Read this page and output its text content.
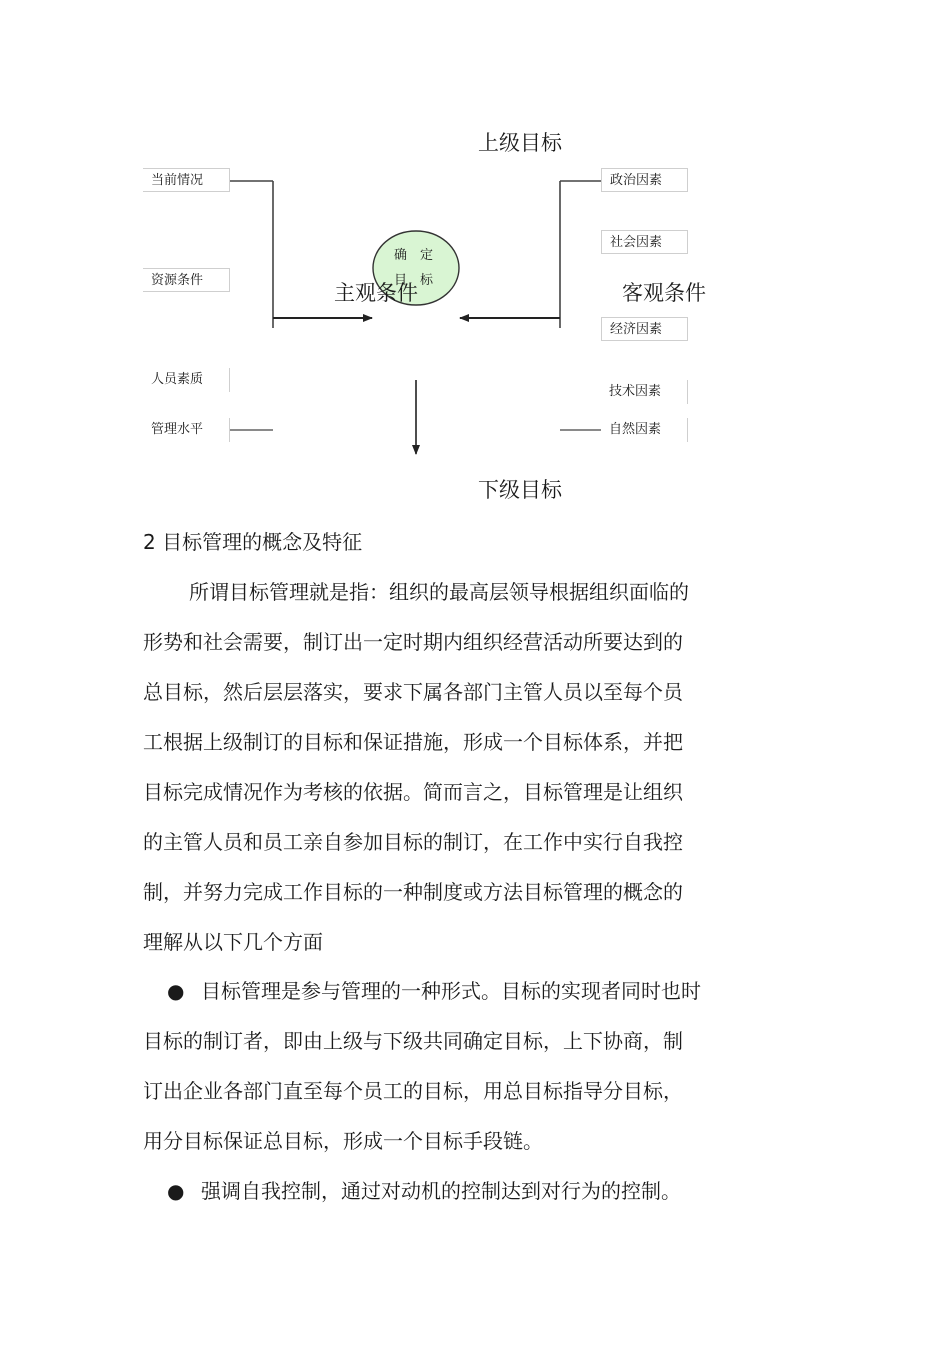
上级目标
下级目标
主观条件	客观条件
确　定
目　标
当前情况
资源条件
人员素质
管理水平
政治因素
社会因素
经济因素
技术因素
自然因素
2 目标管理的概念及特征
所谓目标管理就是指：组织的最高层领导根据组织面临的
形势和社会需要，制订出一定时期内组织经营活动所要达到的
总目标，然后层层落实，要求下属各部门主管人员以至每个员
工根据上级制订的目标和保证措施，形成一个目标体系，并把
目标完成情况作为考核的依据。简而言之，目标管理是让组织
的主管人员和员工亲自参加目标的制订，在工作中实行自我控
制，并努力完成工作目标的一种制度或方法目标管理的概念的
理解从以下几个方面
● 目标管理是参与管理的一种形式。目标的实现者同时也时
目标的制订者，即由上级与下级共同确定目标，上下协商，制
订出企业各部门直至每个员工的目标，用总目标指导分目标，
用分目标保证总目标，形成一个目标手段链。
● 强调自我控制，通过对动机的控制达到对行为的控制。
